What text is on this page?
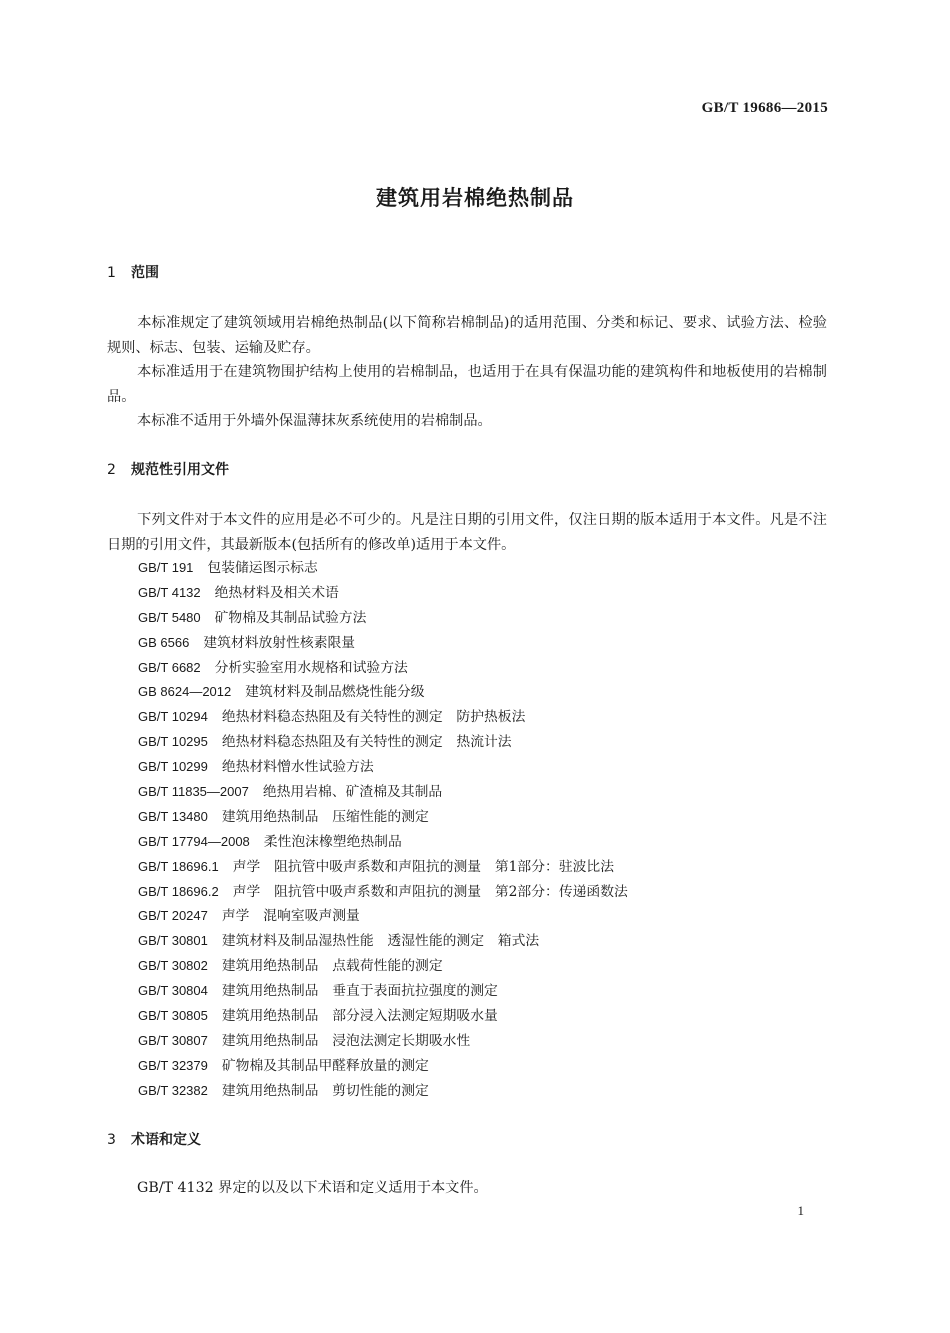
GB/T 19686—2015
建筑用岩棉绝热制品
1 范围
本标准规定了建筑领域用岩棉绝热制品(以下简称岩棉制品)的适用范围、分类和标记、要求、试验方法、检验规则、标志、包装、运输及贮存。
本标准适用于在建筑物围护结构上使用的岩棉制品，也适用于在具有保温功能的建筑构件和地板使用的岩棉制品。
本标准不适用于外墙外保温薄抹灰系统使用的岩棉制品。
2 规范性引用文件
下列文件对于本文件的应用是必不可少的。凡是注日期的引用文件，仅注日期的版本适用于本文件。凡是不注日期的引用文件，其最新版本(包括所有的修改单)适用于本文件。
GB/T 191 包装储运图示标志
GB/T 4132 绝热材料及相关术语
GB/T 5480 矿物棉及其制品试验方法
GB 6566 建筑材料放射性核素限量
GB/T 6682 分析实验室用水规格和试验方法
GB 8624—2012 建筑材料及制品燃烧性能分级
GB/T 10294 绝热材料稳态热阻及有关特性的测定　防护热板法
GB/T 10295 绝热材料稳态热阻及有关特性的测定　热流计法
GB/T 10299 绝热材料憎水性试验方法
GB/T 11835—2007 绝热用岩棉、矿渣棉及其制品
GB/T 13480 建筑用绝热制品　压缩性能的测定
GB/T 17794—2008 柔性泡沫橡塑绝热制品
GB/T 18696.1 声学　阻抗管中吸声系数和声阻抗的测量　第1部分：驻波比法
GB/T 18696.2 声学　阻抗管中吸声系数和声阻抗的测量　第2部分：传递函数法
GB/T 20247 声学　混响室吸声测量
GB/T 30801 建筑材料及制品湿热性能　透湿性能的测定　箱式法
GB/T 30802 建筑用绝热制品　点载荷性能的测定
GB/T 30804 建筑用绝热制品　垂直于表面抗拉强度的测定
GB/T 30805 建筑用绝热制品　部分浸入法测定短期吸水量
GB/T 30807 建筑用绝热制品　浸泡法测定长期吸水性
GB/T 32379 矿物棉及其制品甲醛释放量的测定
GB/T 32382 建筑用绝热制品　剪切性能的测定
3 术语和定义
GB/T 4132 界定的以及以下术语和定义适用于本文件。
1
